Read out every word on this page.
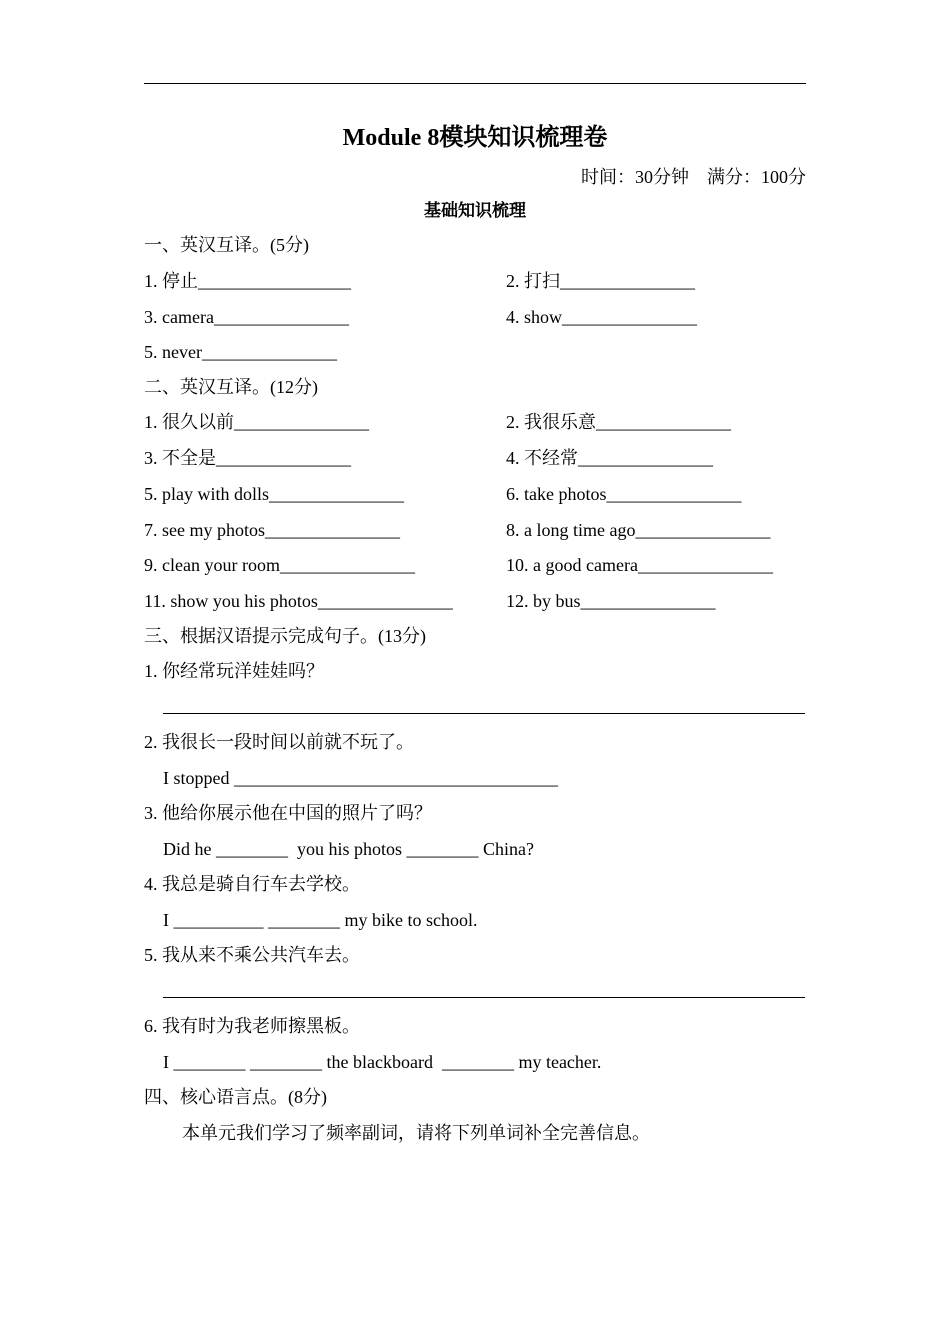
Module 8模块知识梳理卷
时间：30分钟    满分：100分
基础知识梳理
一、英汉互译。(5分)
1. 停止_________________	2. 打扫_______________
3. camera_______________	4. show_______________
5. never_______________
二、英汉互译。(12分)
1. 很久以前_______________	2. 我很乐意_______________
3. 不全是_______________	4. 不经常_______________
5. play with dolls_______________	6. take photos_______________
7. see my photos_______________	8. a long time ago_______________
9. clean your room_______________	10. a good camera_______________
11. show you his photos_______________	12. by bus_______________
三、根据汉语提示完成句子。(13分)
1. 你经常玩洋娃娃吗？
2. 我很长一段时间以前就不玩了。
I stopped ____________________________________
3. 他给你展示他在中国的照片了吗？
Did he ________  you his photos ________ China?
4. 我总是骑自行车去学校。
I __________ ________ my bike to school.
5. 我从来不乘公共汽车去。
6. 我有时为我老师擦黑板。
I ________ ________ the blackboard  ________ my teacher.
四、核心语言点。(8分)
本单元我们学习了频率副词，请将下列单词补全完善信息。
